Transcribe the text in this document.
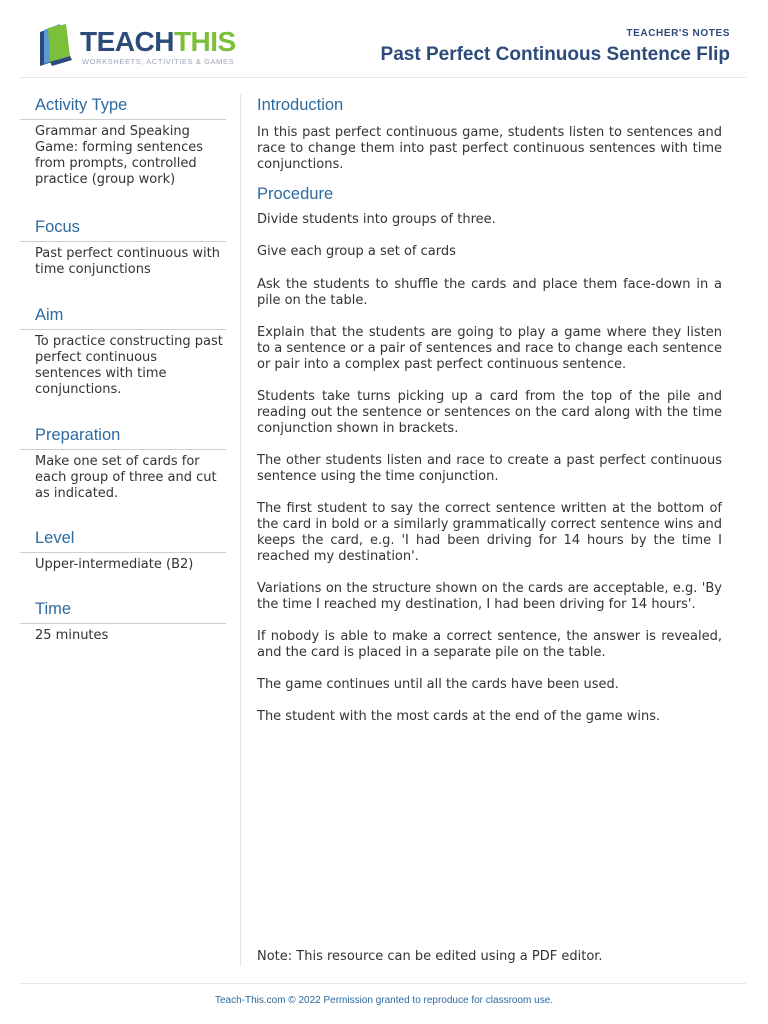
TEACHTHIS
WORKSHEETS, ACTIVITIES & GAMES
TEACHER'S NOTES
Past Perfect Continuous Sentence Flip
Activity Type
Grammar and Speaking Game: forming sentences from prompts, controlled practice (group work)
Focus
Past perfect continuous with time conjunctions
Aim
To practice constructing past perfect continuous sentences with time conjunctions.
Preparation
Make one set of cards for each group of three and cut as indicated.
Level
Upper-intermediate (B2)
Time
25 minutes
Introduction
In this past perfect continuous game, students listen to sentences and race to change them into past perfect continuous sentences with time conjunctions.
Procedure
Divide students into groups of three.
Give each group a set of cards
Ask the students to shuffle the cards and place them face-down in a pile on the table.
Explain that the students are going to play a game where they listen to a sentence or a pair of sentences and race to change each sentence or pair into a complex past perfect continuous sentence.
Students take turns picking up a card from the top of the pile and reading out the sentence or sentences on the card along with the time conjunction shown in brackets.
The other students listen and race to create a past perfect continuous sentence using the time conjunction.
The first student to say the correct sentence written at the bottom of the card in bold or a similarly grammatically correct sentence wins and keeps the card, e.g. 'I had been driving for 14 hours by the time I reached my destination'.
Variations on the structure shown on the cards are acceptable, e.g. 'By the time I reached my destination, I had been driving for 14 hours'.
If nobody is able to make a correct sentence, the answer is revealed, and the card is placed in a separate pile on the table.
The game continues until all the cards have been used.
The student with the most cards at the end of the game wins.
Note: This resource can be edited using a PDF editor.
Teach-This.com © 2022 Permission granted to reproduce for classroom use.
